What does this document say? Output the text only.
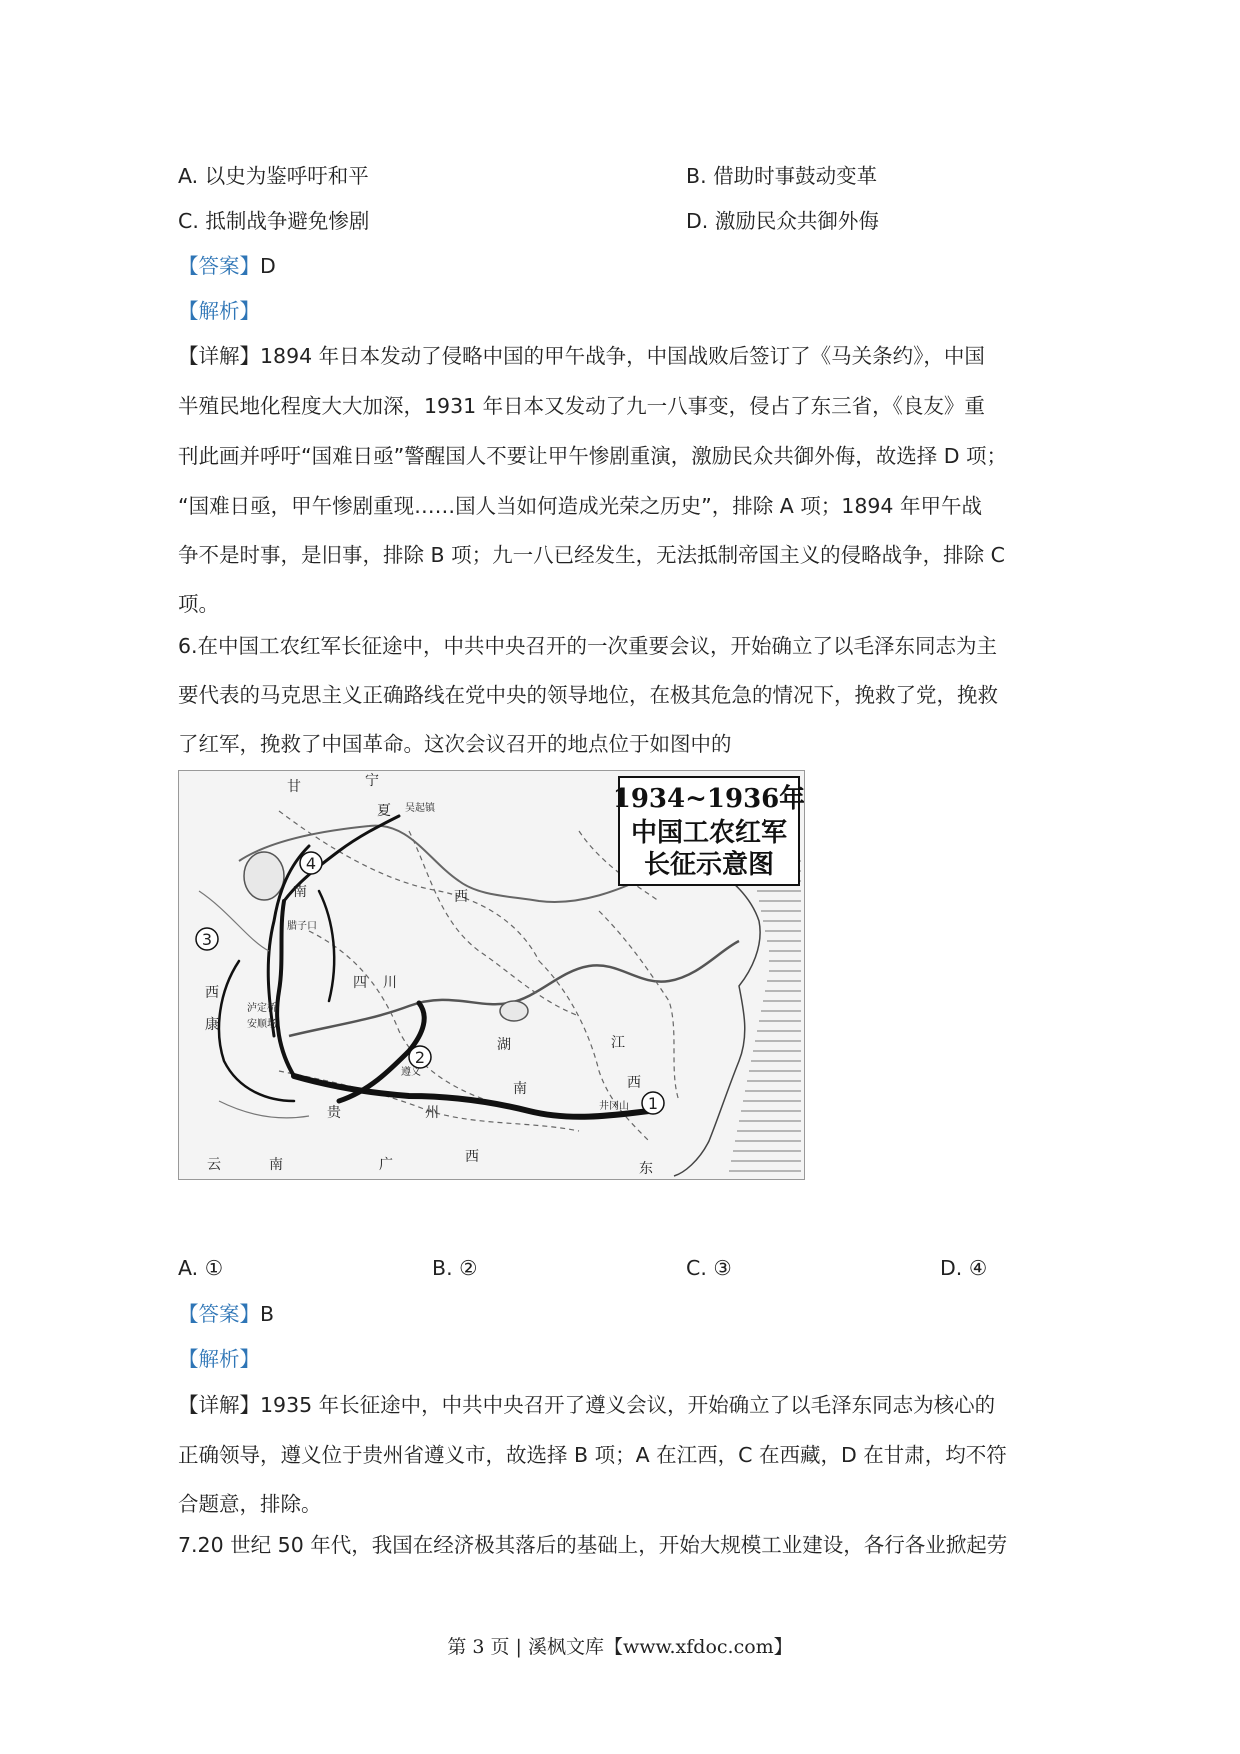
A. 以史为鉴呼吁和平	B. 借助时事鼓动变革
C. 抵制战争避免惨剧	D. 激励民众共御外侮
【答案】D
【解析】
【详解】1894 年日本发动了侵略中国的甲午战争，中国战败后签订了《马关条约》，中国
半殖民地化程度大大加深，1931 年日本又发动了九一八事变，侵占了东三省，《良友》重
刊此画并呼吁“国难日亟”警醒国人不要让甲午惨剧重演，激励民众共御外侮，故选择 D 项；
“国难日亟，甲午惨剧重现……国人当如何造成光荣之历史”，排除 A 项；1894 年甲午战
争不是时事，是旧事，排除 B 项；九一八已经发生，无法抵制帝国主义的侵略战争，排除 C
项。
6.在中国工农红军长征途中，中共中央召开的一次重要会议，开始确立了以毛泽东同志为主
要代表的马克思主义正确路线在党中央的领导地位，在极其危急的情况下，挽救了党，挽救
了红军，挽救了中国革命。这次会议召开的地点位于如图中的
1
2
3
4
甘	宁
夏
南	西
四 川
西
康
湖
南
江
西
贵	州
云	南	广	西
东
吴起镇
腊子口
泸定桥
安顺场
遵义
井冈山
1934~1936年
中国工农红军
长征示意图
A. ①	B. ②	C. ③	D. ④
【答案】B
【解析】
【详解】1935 年长征途中，中共中央召开了遵义会议，开始确立了以毛泽东同志为核心的
正确领导，遵义位于贵州省遵义市，故选择 B 项；A 在江西，C 在西藏，D 在甘肃，均不符
合题意，排除。
7.20 世纪 50 年代，我国在经济极其落后的基础上，开始大规模工业建设，各行各业掀起劳
第 3 页 | 溪枫文库【www.xfdoc.com】
